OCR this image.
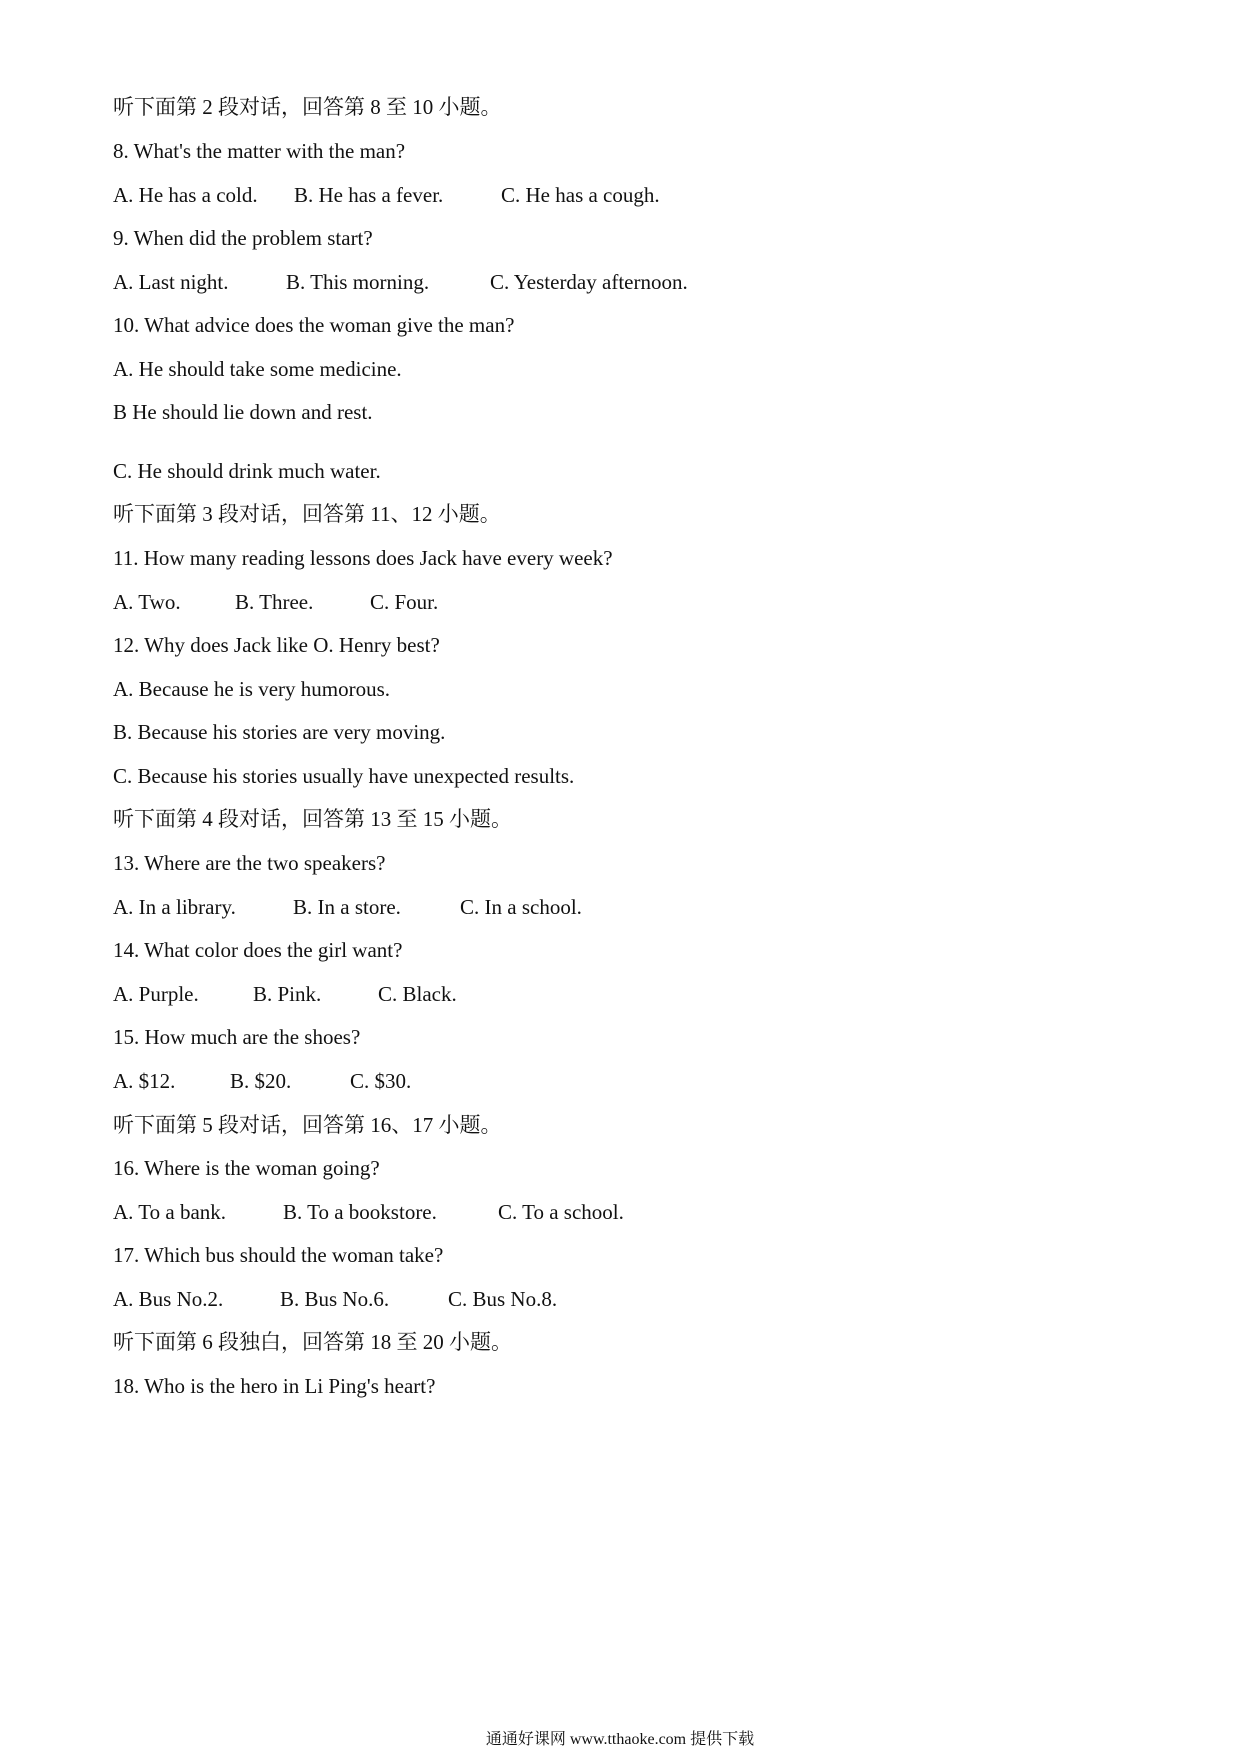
听下面第 2 段对话，回答第 8 至 10 小题。
8. What's the matter with the man?
A. He has a cold. B. He has a fever.	C. He has a cough.
9. When did the problem start?
A. Last night.	B. This morning.	C. Yesterday afternoon.
10. What advice does the woman give the man?
A. He should take some medicine.
B He should lie down and rest.
C. He should drink much water.
听下面第 3 段对话，回答第 11、12 小题。
11. How many reading lessons does Jack have every week?
A. Two.	B. Three.	C. Four.
12. Why does Jack like O. Henry best?
A. Because he is very humorous.
B. Because his stories are very moving.
C. Because his stories usually have unexpected results.
听下面第 4 段对话，回答第 13 至 15 小题。
13. Where are the two speakers?
A. In a library.	B. In a store.	C. In a school.
14. What color does the girl want?
A. Purple.	B. Pink.	C. Black.
15. How much are the shoes?
A. $12.	B. $20.	C. $30.
听下面第 5 段对话，回答第 16、17 小题。
16. Where is the woman going?
A. To a bank.	B. To a bookstore.	C. To a school.
17. Which bus should the woman take?
A. Bus No.2.	B. Bus No.6.	C. Bus No.8.
听下面第 6 段独白，回答第 18 至 20 小题。
18. Who is the hero in Li Ping's heart?
通通好课网 www.tthaoke.com 提供下载
